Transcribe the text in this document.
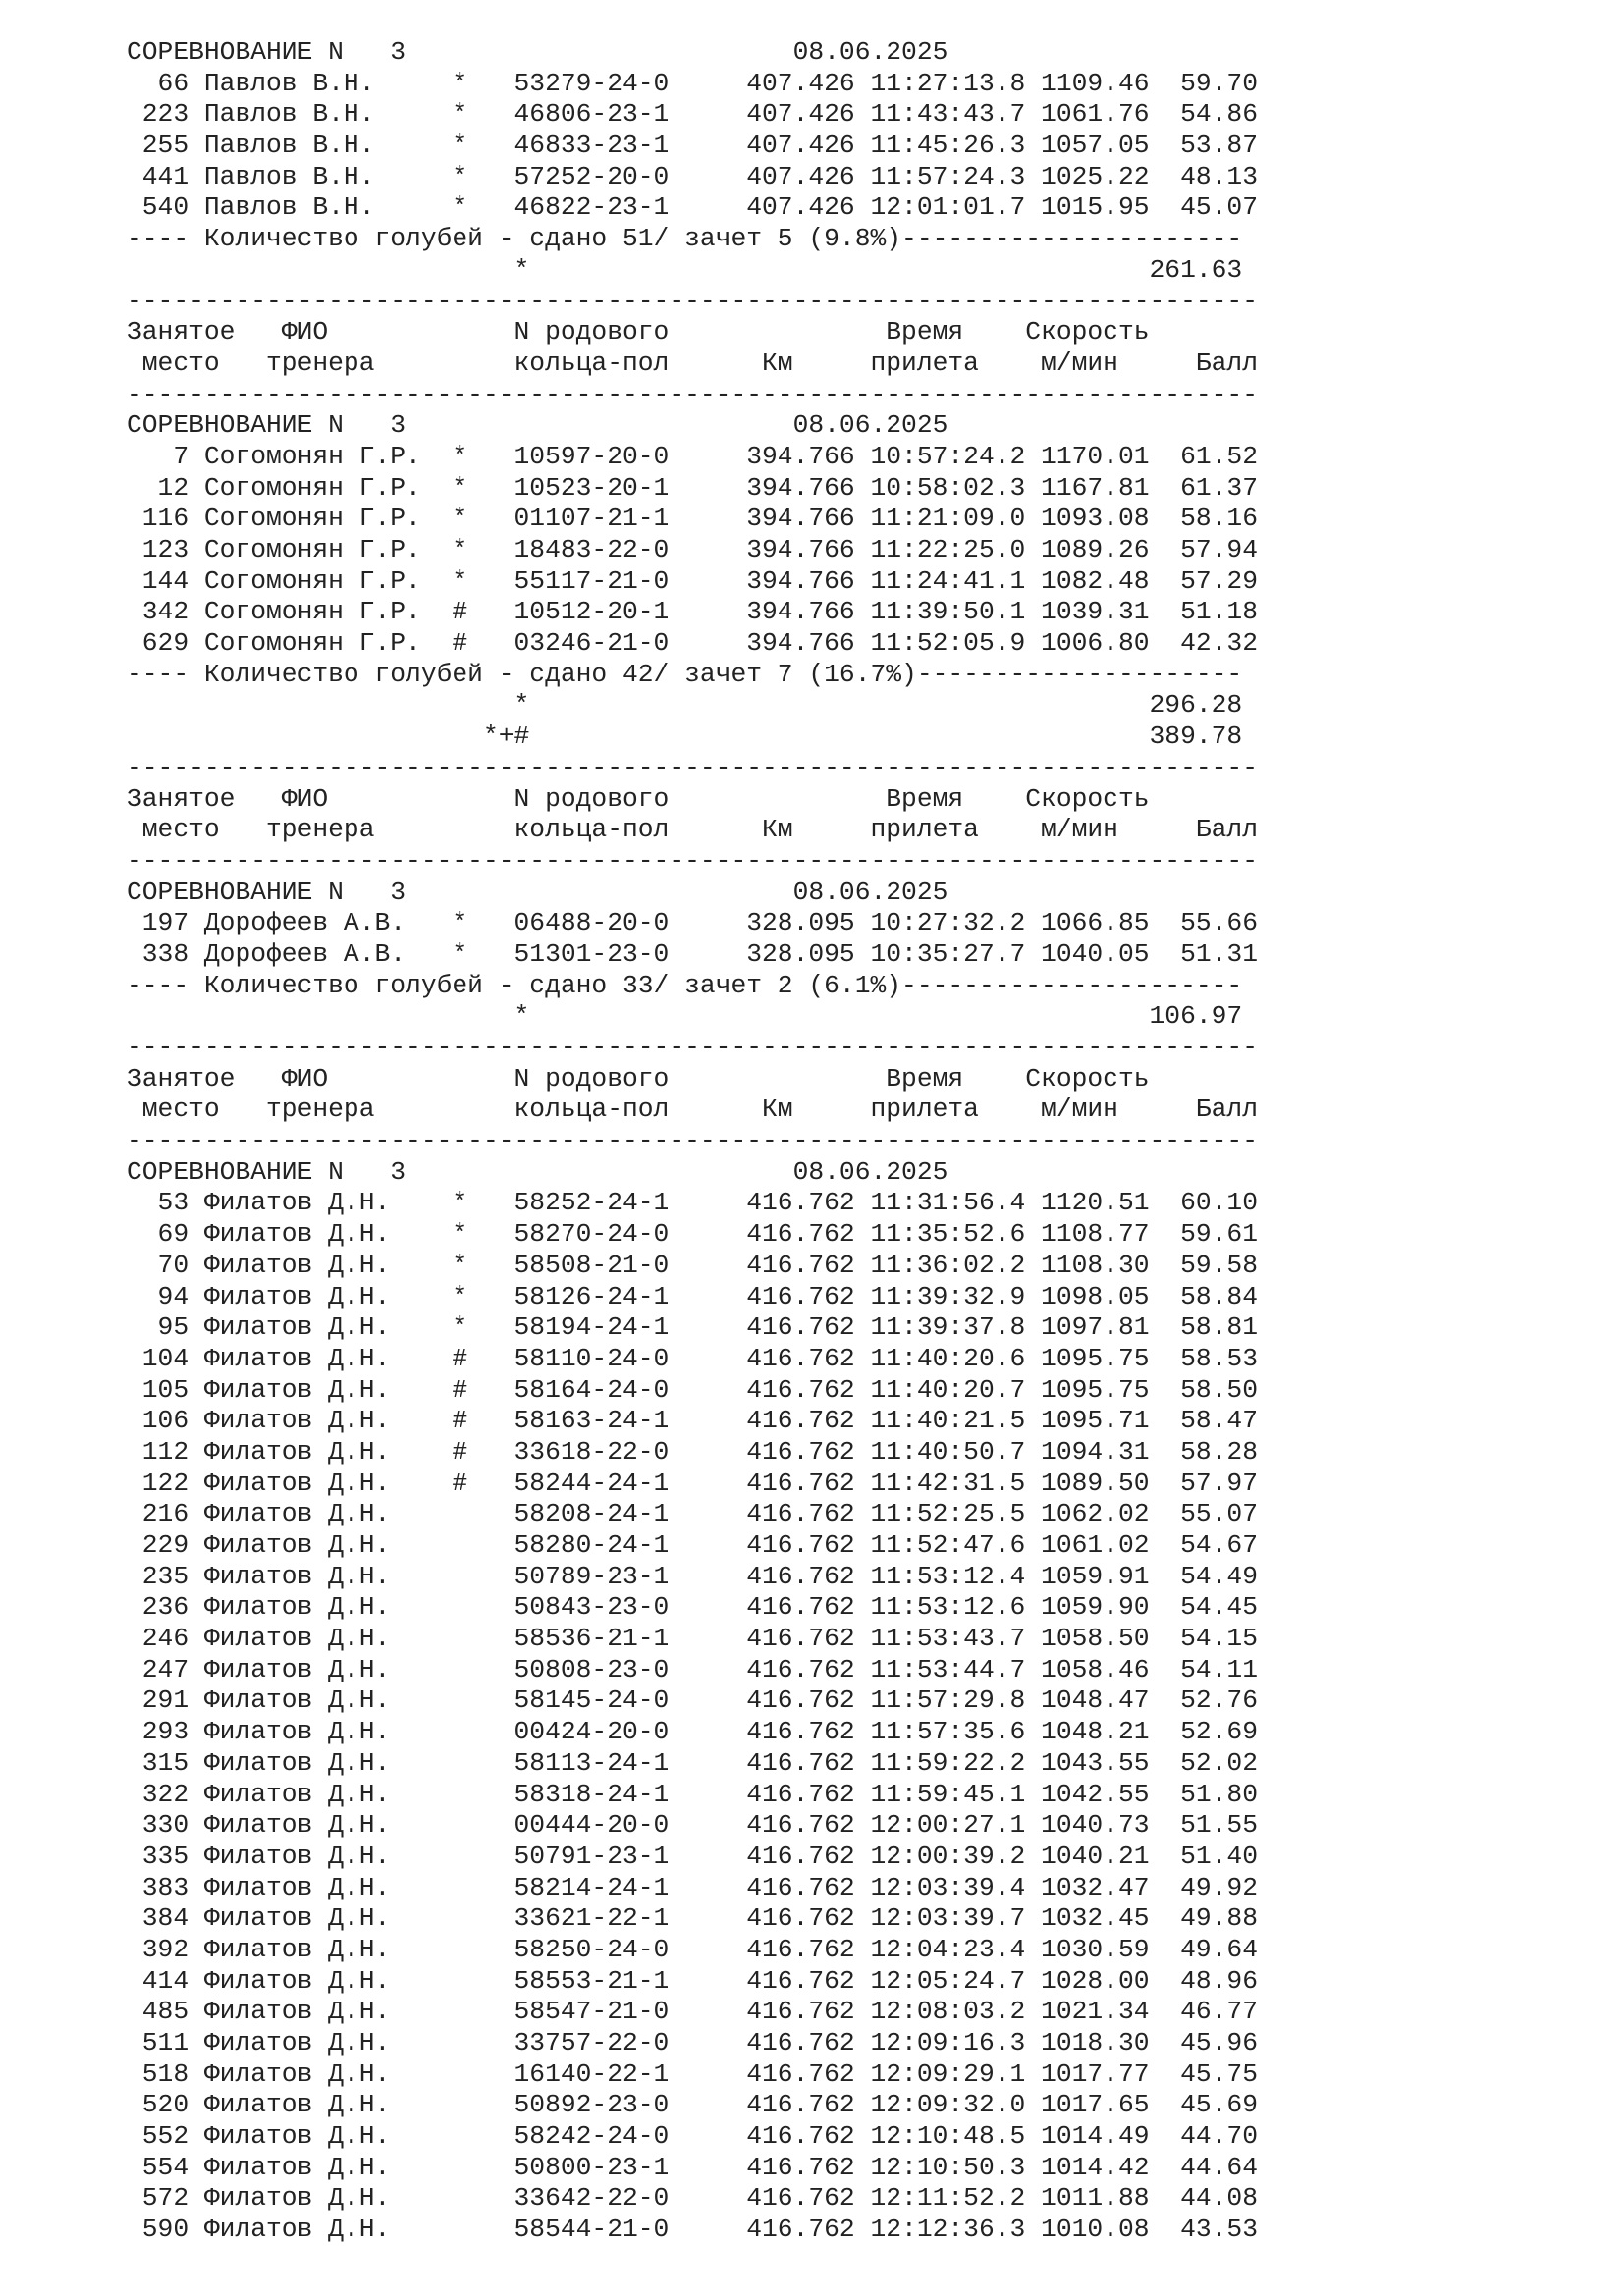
СОРЕВНОВАНИЕ N   3                         08.06.2025
66 Павлов В.Н.     *   53279-24-0     407.426 11:27:13.8 1109.46  59.70
223 Павлов В.Н.     *   46806-23-1     407.426 11:43:43.7 1061.76  54.86
255 Павлов В.Н.     *   46833-23-1     407.426 11:45:26.3 1057.05  53.87
441 Павлов В.Н.     *   57252-20-0     407.426 11:57:24.3 1025.22  48.13
540 Павлов В.Н.     *   46822-23-1     407.426 12:01:01.7 1015.95  45.07
---- Количество голубей - сдано 51/ зачет 5 (9.8%)----------------------
*                                        261.63
-------------------------------------------------------------------------
Занятое   ФИО            N родового              Время    Скорость
место   тренера         кольца-пол      Км     прилета    м/мин     Балл
-------------------------------------------------------------------------
СОРЕВНОВАНИЕ N   3                         08.06.2025
7 Согомонян Г.Р.  *   10597-20-0     394.766 10:57:24.2 1170.01  61.52
12 Согомонян Г.Р.  *   10523-20-1     394.766 10:58:02.3 1167.81  61.37
116 Согомонян Г.Р.  *   01107-21-1     394.766 11:21:09.0 1093.08  58.16
123 Согомонян Г.Р.  *   18483-22-0     394.766 11:22:25.0 1089.26  57.94
144 Согомонян Г.Р.  *   55117-21-0     394.766 11:24:41.1 1082.48  57.29
342 Согомонян Г.Р.  #   10512-20-1     394.766 11:39:50.1 1039.31  51.18
629 Согомонян Г.Р.  #   03246-21-0     394.766 11:52:05.9 1006.80  42.32
---- Количество голубей - сдано 42/ зачет 7 (16.7%)---------------------
*                                        296.28
*+#                                        389.78
-------------------------------------------------------------------------
Занятое   ФИО            N родового              Время    Скорость
место   тренера         кольца-пол      Км     прилета    м/мин     Балл
-------------------------------------------------------------------------
СОРЕВНОВАНИЕ N   3                         08.06.2025
197 Дорофеев А.В.   *   06488-20-0     328.095 10:27:32.2 1066.85  55.66
338 Дорофеев А.В.   *   51301-23-0     328.095 10:35:27.7 1040.05  51.31
---- Количество голубей - сдано 33/ зачет 2 (6.1%)----------------------
*                                        106.97
-------------------------------------------------------------------------
Занятое   ФИО            N родового              Время    Скорость
место   тренера         кольца-пол      Км     прилета    м/мин     Балл
-------------------------------------------------------------------------
СОРЕВНОВАНИЕ N   3                         08.06.2025
53 Филатов Д.Н.    *   58252-24-1     416.762 11:31:56.4 1120.51  60.10
69 Филатов Д.Н.    *   58270-24-0     416.762 11:35:52.6 1108.77  59.61
70 Филатов Д.Н.    *   58508-21-0     416.762 11:36:02.2 1108.30  59.58
94 Филатов Д.Н.    *   58126-24-1     416.762 11:39:32.9 1098.05  58.84
95 Филатов Д.Н.    *   58194-24-1     416.762 11:39:37.8 1097.81  58.81
104 Филатов Д.Н.    #   58110-24-0     416.762 11:40:20.6 1095.75  58.53
105 Филатов Д.Н.    #   58164-24-0     416.762 11:40:20.7 1095.75  58.50
106 Филатов Д.Н.    #   58163-24-1     416.762 11:40:21.5 1095.71  58.47
112 Филатов Д.Н.    #   33618-22-0     416.762 11:40:50.7 1094.31  58.28
122 Филатов Д.Н.    #   58244-24-1     416.762 11:42:31.5 1089.50  57.97
216 Филатов Д.Н.        58208-24-1     416.762 11:52:25.5 1062.02  55.07
229 Филатов Д.Н.        58280-24-1     416.762 11:52:47.6 1061.02  54.67
235 Филатов Д.Н.        50789-23-1     416.762 11:53:12.4 1059.91  54.49
236 Филатов Д.Н.        50843-23-0     416.762 11:53:12.6 1059.90  54.45
246 Филатов Д.Н.        58536-21-1     416.762 11:53:43.7 1058.50  54.15
247 Филатов Д.Н.        50808-23-0     416.762 11:53:44.7 1058.46  54.11
291 Филатов Д.Н.        58145-24-0     416.762 11:57:29.8 1048.47  52.76
293 Филатов Д.Н.        00424-20-0     416.762 11:57:35.6 1048.21  52.69
315 Филатов Д.Н.        58113-24-1     416.762 11:59:22.2 1043.55  52.02
322 Филатов Д.Н.        58318-24-1     416.762 11:59:45.1 1042.55  51.80
330 Филатов Д.Н.        00444-20-0     416.762 12:00:27.1 1040.73  51.55
335 Филатов Д.Н.        50791-23-1     416.762 12:00:39.2 1040.21  51.40
383 Филатов Д.Н.        58214-24-1     416.762 12:03:39.4 1032.47  49.92
384 Филатов Д.Н.        33621-22-1     416.762 12:03:39.7 1032.45  49.88
392 Филатов Д.Н.        58250-24-0     416.762 12:04:23.4 1030.59  49.64
414 Филатов Д.Н.        58553-21-1     416.762 12:05:24.7 1028.00  48.96
485 Филатов Д.Н.        58547-21-0     416.762 12:08:03.2 1021.34  46.77
511 Филатов Д.Н.        33757-22-0     416.762 12:09:16.3 1018.30  45.96
518 Филатов Д.Н.        16140-22-1     416.762 12:09:29.1 1017.77  45.75
520 Филатов Д.Н.        50892-23-0     416.762 12:09:32.0 1017.65  45.69
552 Филатов Д.Н.        58242-24-0     416.762 12:10:48.5 1014.49  44.70
554 Филатов Д.Н.        50800-23-1     416.762 12:10:50.3 1014.42  44.64
572 Филатов Д.Н.        33642-22-0     416.762 12:11:52.2 1011.88  44.08
590 Филатов Д.Н.        58544-21-0     416.762 12:12:36.3 1010.08  43.53
